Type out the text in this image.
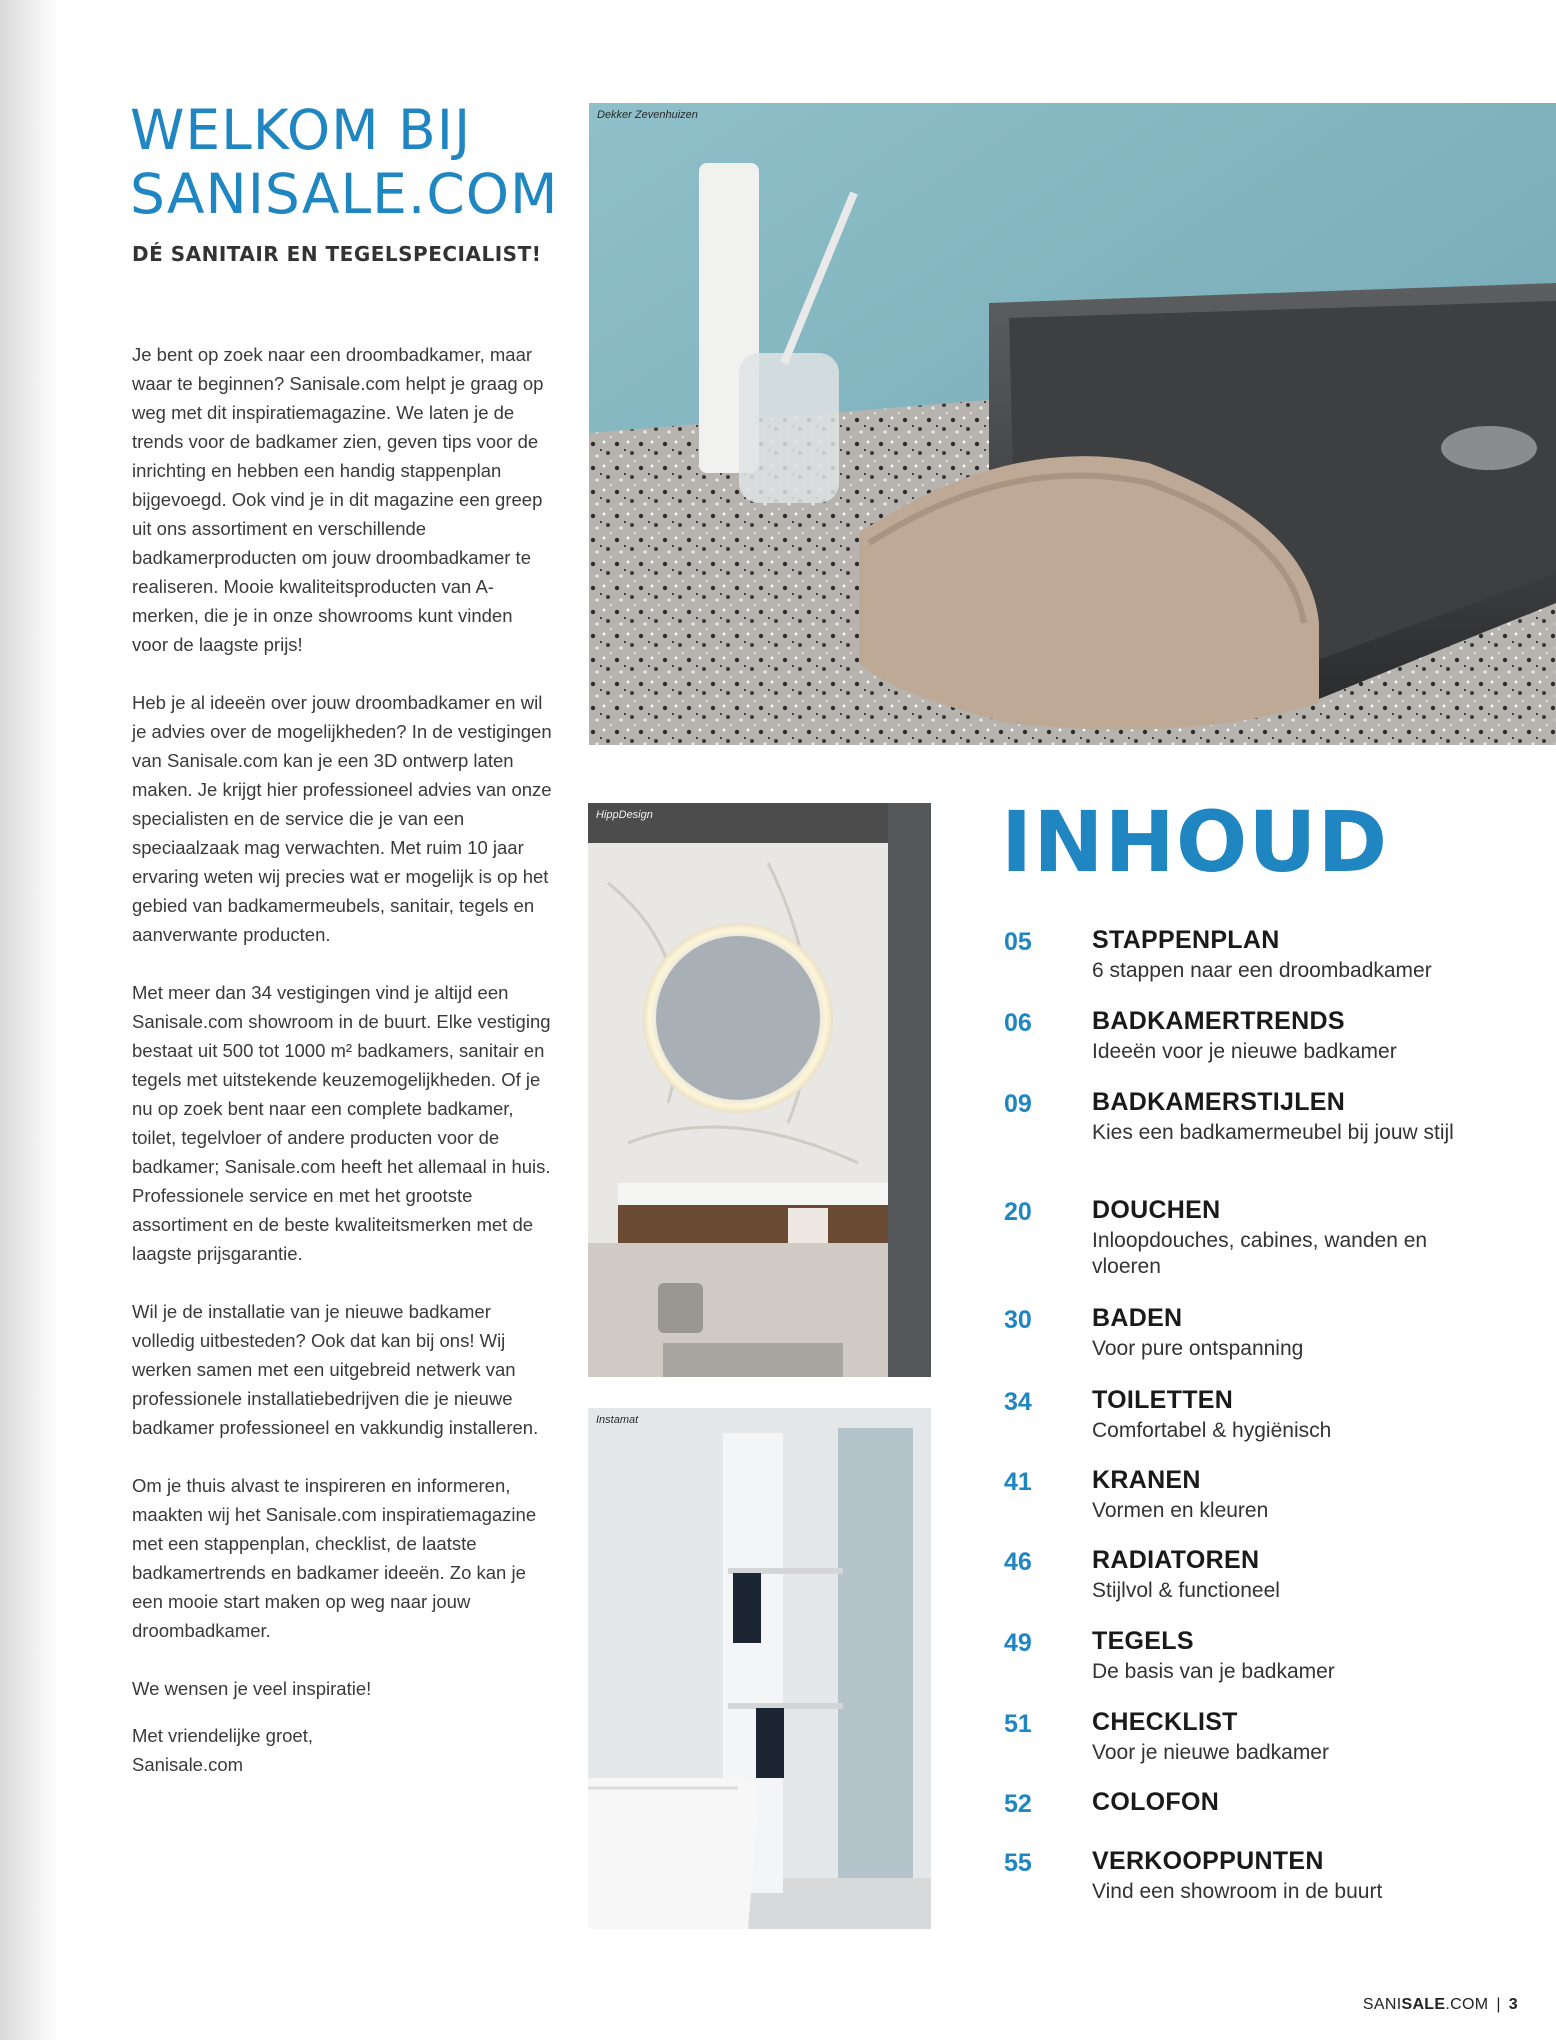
WELKOM BIJ
SANISALE.COM
DÉ SANITAIR EN TEGELSPECIALIST!

Je bent op zoek naar een droombadkamer, maar waar te beginnen? Sanisale.com helpt je graag op weg met dit inspiratiemagazine. We laten je de trends voor de badkamer zien, geven tips voor de inrichting en hebben een handig stappenplan bijgevoegd. Ook vind je in dit magazine een greep uit ons assortiment en verschillende badkamerproducten om jouw droombadkamer te realiseren. Mooie kwaliteitsproducten van A-merken, die je in onze showrooms kunt vinden voor de laagste prijs!

Heb je al ideeën over jouw droombadkamer en wil je advies over de mogelijkheden? In de vestigingen van Sanisale.com kan je een 3D ontwerp laten maken. Je krijgt hier professioneel advies van onze specialisten en de service die je van een speciaalzaak mag verwachten. Met ruim 10 jaar ervaring weten wij precies wat er mogelijk is op het gebied van badkamermeubels, sanitair, tegels en aanverwante producten.

Met meer dan 34 vestigingen vind je altijd een Sanisale.com showroom in de buurt. Elke vestiging bestaat uit 500 tot 1000 m² badkamers, sanitair en tegels met uitstekende keuzemogelijkheden. Of je nu op zoek bent naar een complete badkamer, toilet, tegelvloer of andere producten voor de badkamer; Sanisale.com heeft het allemaal in huis. Professionele service en met het grootste assortiment en de beste kwaliteitsmerken met de laagste prijsgarantie.

Wil je de installatie van je nieuwe badkamer volledig uitbesteden? Ook dat kan bij ons! Wij werken samen met een uitgebreid netwerk van professionele installatiebedrijven die je nieuwe badkamer professioneel en vakkundig installeren.

Om je thuis alvast te inspireren en informeren, maakten wij het Sanisale.com inspiratiemagazine met een stappenplan, checklist, de laatste badkamertrends en badkamer ideeën. Zo kan je een mooie start maken op weg naar jouw droombadkamer.

We wensen je veel inspiratie!

Met vriendelijke groet,
Sanisale.com

Dekker Zevenhuizen
HippDesign
Instamat
INHOUD
05 STAPPENPLAN
6 stappen naar een droombadkamer
06 BADKAMERTRENDS
Ideeën voor je nieuwe badkamer
09 BADKAMERSTIJLEN
Kies een badkamermeubel bij jouw stijl
20 DOUCHEN
Inloopdouches, cabines, wanden en vloeren
30 BADEN
Voor pure ontspanning
34 TOILETTEN
Comfortabel & hygiënisch
41 KRANEN
Vormen en kleuren
46 RADIATOREN
Stijlvol & functioneel
49 TEGELS
De basis van je badkamer
51 CHECKLIST
Voor je nieuwe badkamer
52 COLOFON
55 VERKOOPPUNTEN
Vind een showroom in de buurt
SANISALE.COM | 3
